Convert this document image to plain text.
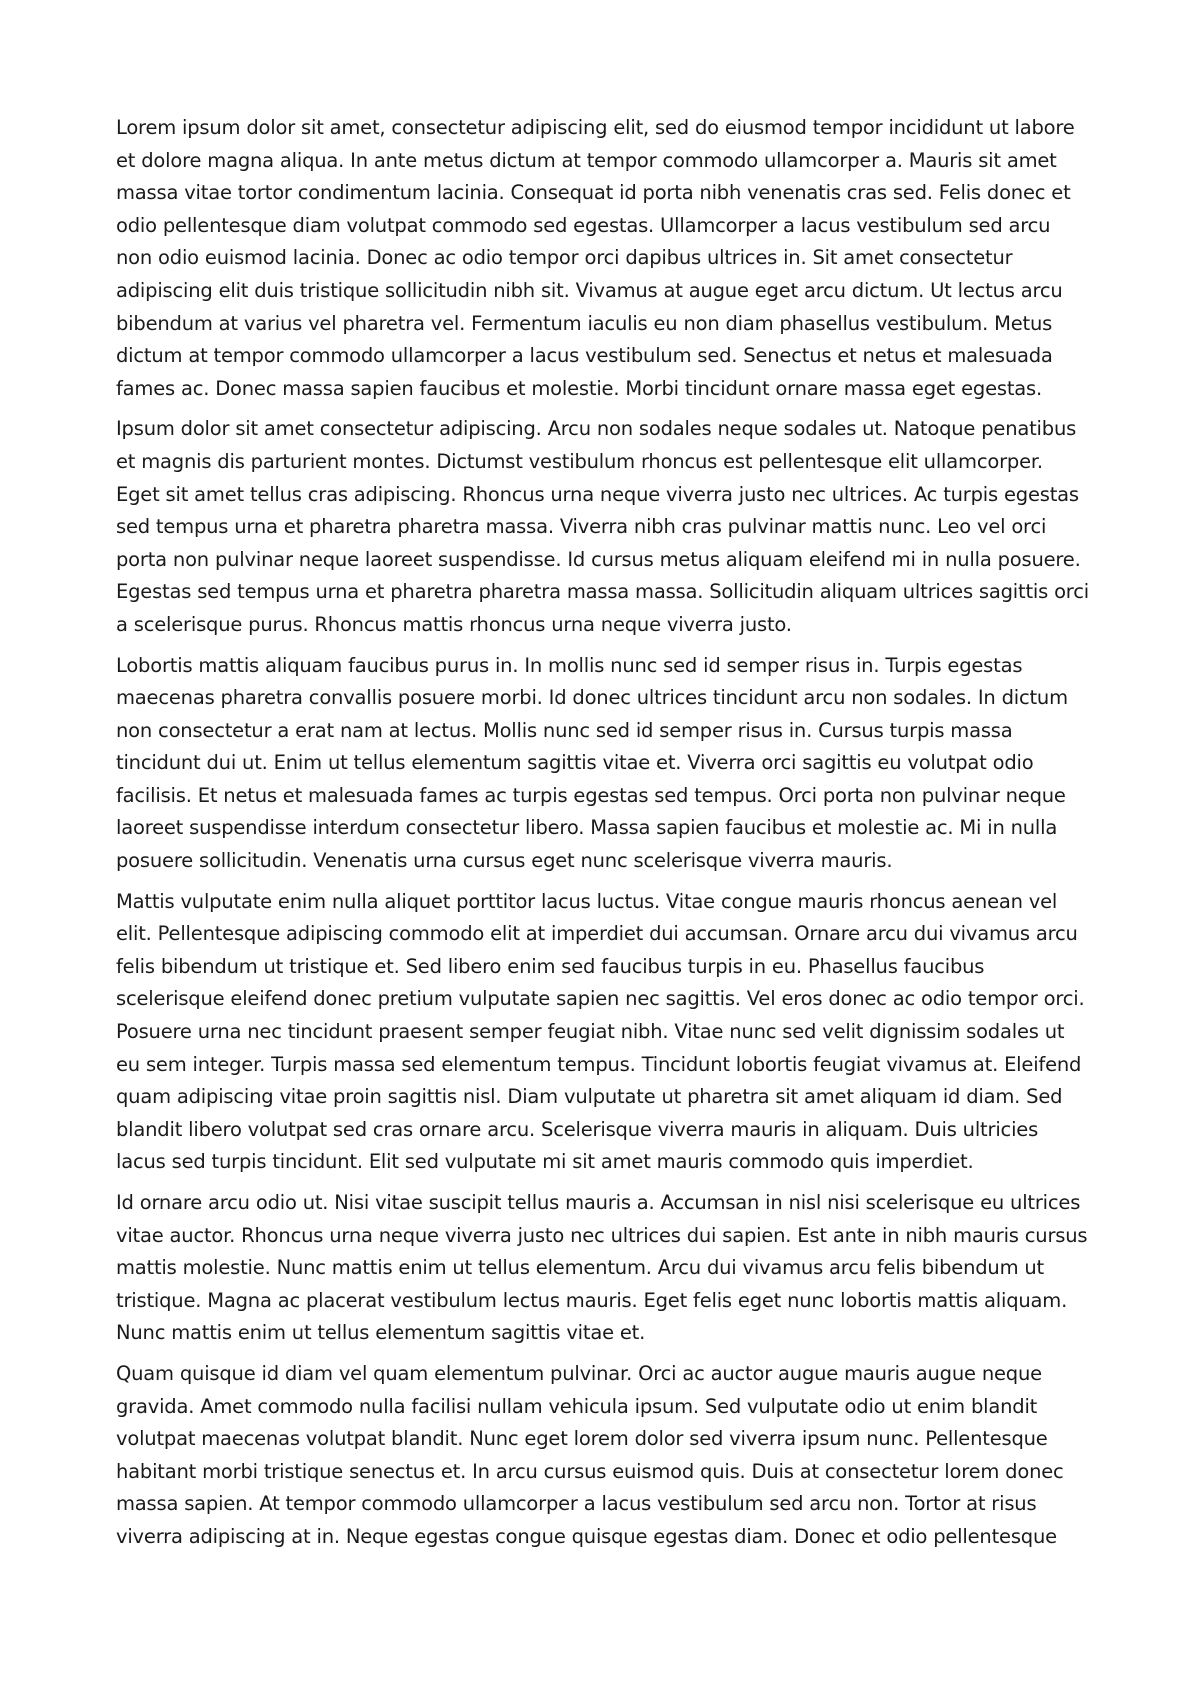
Lorem ipsum dolor sit amet, consectetur adipiscing elit, sed do eiusmod tempor incididunt ut labore et dolore magna aliqua. In ante metus dictum at tempor commodo ullamcorper a. Mauris sit amet massa vitae tortor condimentum lacinia. Consequat id porta nibh venenatis cras sed. Felis donec et odio pellentesque diam volutpat commodo sed egestas. Ullamcorper a lacus vestibulum sed arcu non odio euismod lacinia. Donec ac odio tempor orci dapibus ultrices in. Sit amet consectetur adipiscing elit duis tristique sollicitudin nibh sit. Vivamus at augue eget arcu dictum. Ut lectus arcu bibendum at varius vel pharetra vel. Fermentum iaculis eu non diam phasellus vestibulum. Metus dictum at tempor commodo ullamcorper a lacus vestibulum sed. Senectus et netus et malesuada fames ac. Donec massa sapien faucibus et molestie. Morbi tincidunt ornare massa eget egestas.

Ipsum dolor sit amet consectetur adipiscing. Arcu non sodales neque sodales ut. Natoque penatibus et magnis dis parturient montes. Dictumst vestibulum rhoncus est pellentesque elit ullamcorper. Eget sit amet tellus cras adipiscing. Rhoncus urna neque viverra justo nec ultrices. Ac turpis egestas sed tempus urna et pharetra pharetra massa. Viverra nibh cras pulvinar mattis nunc. Leo vel orci porta non pulvinar neque laoreet suspendisse. Id cursus metus aliquam eleifend mi in nulla posuere. Egestas sed tempus urna et pharetra pharetra massa massa. Sollicitudin aliquam ultrices sagittis orci a scelerisque purus. Rhoncus mattis rhoncus urna neque viverra justo.

Lobortis mattis aliquam faucibus purus in. In mollis nunc sed id semper risus in. Turpis egestas maecenas pharetra convallis posuere morbi. Id donec ultrices tincidunt arcu non sodales. In dictum non consectetur a erat nam at lectus. Mollis nunc sed id semper risus in. Cursus turpis massa tincidunt dui ut. Enim ut tellus elementum sagittis vitae et. Viverra orci sagittis eu volutpat odio facilisis. Et netus et malesuada fames ac turpis egestas sed tempus. Orci porta non pulvinar neque laoreet suspendisse interdum consectetur libero. Massa sapien faucibus et molestie ac. Mi in nulla posuere sollicitudin. Venenatis urna cursus eget nunc scelerisque viverra mauris.

Mattis vulputate enim nulla aliquet porttitor lacus luctus. Vitae congue mauris rhoncus aenean vel elit. Pellentesque adipiscing commodo elit at imperdiet dui accumsan. Ornare arcu dui vivamus arcu felis bibendum ut tristique et. Sed libero enim sed faucibus turpis in eu. Phasellus faucibus scelerisque eleifend donec pretium vulputate sapien nec sagittis. Vel eros donec ac odio tempor orci. Posuere urna nec tincidunt praesent semper feugiat nibh. Vitae nunc sed velit dignissim sodales ut eu sem integer. Turpis massa sed elementum tempus. Tincidunt lobortis feugiat vivamus at. Eleifend quam adipiscing vitae proin sagittis nisl. Diam vulputate ut pharetra sit amet aliquam id diam. Sed blandit libero volutpat sed cras ornare arcu. Scelerisque viverra mauris in aliquam. Duis ultricies lacus sed turpis tincidunt. Elit sed vulputate mi sit amet mauris commodo quis imperdiet.

Id ornare arcu odio ut. Nisi vitae suscipit tellus mauris a. Accumsan in nisl nisi scelerisque eu ultrices vitae auctor. Rhoncus urna neque viverra justo nec ultrices dui sapien. Est ante in nibh mauris cursus mattis molestie. Nunc mattis enim ut tellus elementum. Arcu dui vivamus arcu felis bibendum ut tristique. Magna ac placerat vestibulum lectus mauris. Eget felis eget nunc lobortis mattis aliquam. Nunc mattis enim ut tellus elementum sagittis vitae et.

Quam quisque id diam vel quam elementum pulvinar. Orci ac auctor augue mauris augue neque gravida. Amet commodo nulla facilisi nullam vehicula ipsum. Sed vulputate odio ut enim blandit volutpat maecenas volutpat blandit. Nunc eget lorem dolor sed viverra ipsum nunc. Pellentesque habitant morbi tristique senectus et. In arcu cursus euismod quis. Duis at consectetur lorem donec massa sapien. At tempor commodo ullamcorper a lacus vestibulum sed arcu non. Tortor at risus viverra adipiscing at in. Neque egestas congue quisque egestas diam. Donec et odio pellentesque
